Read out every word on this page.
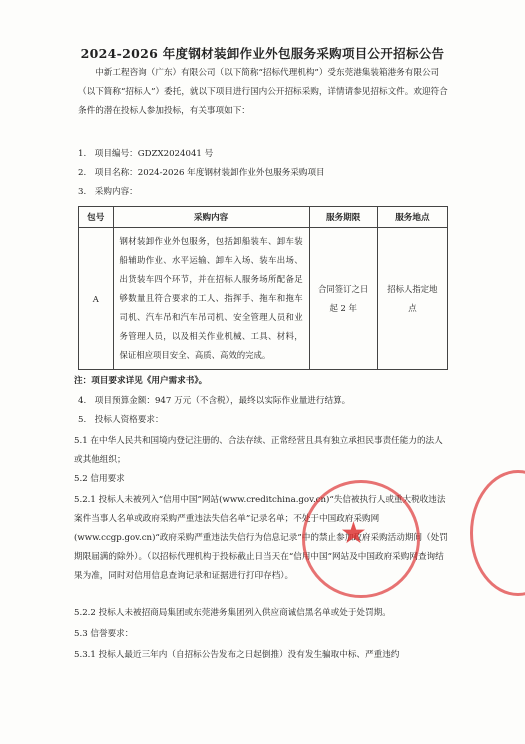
2024-2026 年度钢材装卸作业外包服务采购项目公开招标公告
中新工程咨询（广东）有限公司（以下简称“招标代理机构”）受东莞港集装箱港务有限公司（以下简称“招标人”）委托，就以下项目进行国内公开招标采购，详情请参见招标文件。欢迎符合条件的潜在投标人参加投标，有关事项如下：
1.　项目编号：GDZX2024041 号
2.　项目名称：2024-2026 年度钢材装卸作业外包服务采购项目
3.　采购内容：
包号	采购内容	服务期限	服务地点
A	钢材装卸作业外包服务，包括卸船装车、卸车装船辅助作业、水平运输、卸车入场、装车出场、出货装车四个环节，并在招标人服务场所配备足够数量且符合要求的工人、指挥手、拖车和拖车司机、汽车吊和汽车吊司机、安全管理人员和业务管理人员，以及相关作业机械、工具、材料，保证相应项目安全、高质、高效的完成。	合同签订之日起 2 年	招标人指定地点
注：项目要求详见《用户需求书》。
4.　项目预算金额：947 万元（不含税），最终以实际作业量进行结算。
5.　投标人资格要求：
5.1 在中华人民共和国境内登记注册的、合法存续、正常经营且具有独立承担民事责任能力的法人或其他组织；
5.2 信用要求
5.2.1 投标人未被列入“信用中国”网站(www.creditchina.gov.cn)“失信被执行人或重大税收违法案件当事人名单或政府采购严重违法失信名单”记录名单；不处于中国政府采购网(www.ccgp.gov.cn)“政府采购严重违法失信行为信息记录”中的禁止参加政府采购活动期间（处罚期限届满的除外）。（以招标代理机构于投标截止日当天在“信用中国”网站及中国政府采购网查询结果为准，同时对信用信息查询记录和证据进行打印存档）。
5.2.2 投标人未被招商局集团或东莞港务集团列入供应商诚信黑名单或处于处罚期。
5.3 信誉要求：
5.3.1 投标人最近三年内（自招标公告发布之日起倒推）没有发生骗取中标、严重违约
★
